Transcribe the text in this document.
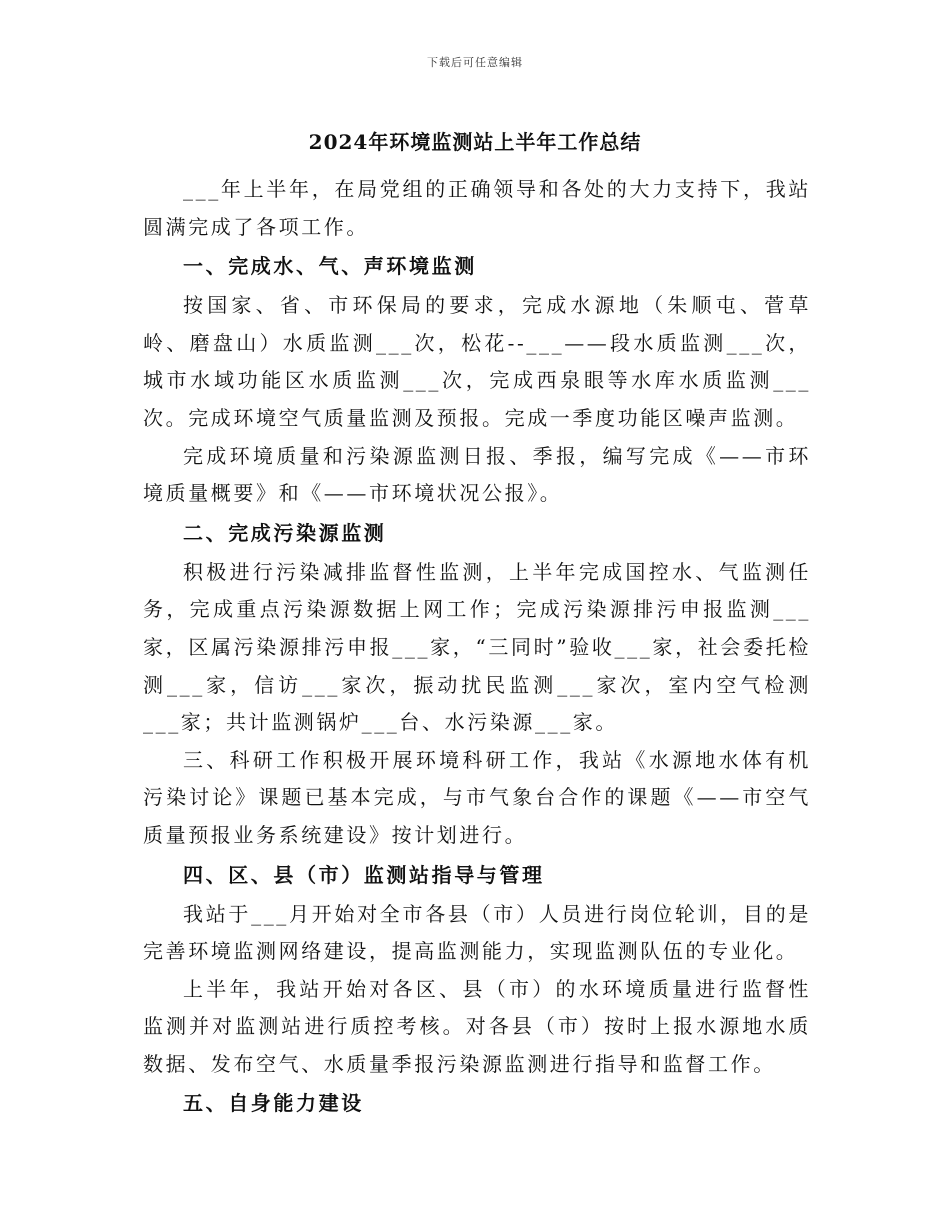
下载后可任意编辑
2024年环境监测站上半年工作总结

___年上半年，在局党组的正确领导和各处的大力支持下，我站圆满完成了各项工作。

一、完成水、气、声环境监测

按国家、省、市环保局的要求，完成水源地（朱顺屯、菅草岭、磨盘山）水质监测___次，松花--___——段水质监测___次，城市水域功能区水质监测___次，完成西泉眼等水库水质监测___次。完成环境空气质量监测及预报。完成一季度功能区噪声监测。

完成环境质量和污染源监测日报、季报，编写完成《——市环境质量概要》和《——市环境状况公报》。

二、完成污染源监测

积极进行污染减排监督性监测，上半年完成国控水、气监测任务，完成重点污染源数据上网工作；完成污染源排污申报监测___家，区属污染源排污申报___家，“三同时”验收___家，社会委托检测___家，信访___家次，振动扰民监测___家次，室内空气检测___家；共计监测锅炉___台、水污染源___家。

三、科研工作积极开展环境科研工作，我站《水源地水体有机污染讨论》课题已基本完成，与市气象台合作的课题《——市空气质量预报业务系统建设》按计划进行。

四、区、县（市）监测站指导与管理

我站于___月开始对全市各县（市）人员进行岗位轮训，目的是完善环境监测网络建设，提高监测能力，实现监测队伍的专业化。

上半年，我站开始对各区、县（市）的水环境质量进行监督性监测并对监测站进行质控考核。对各县（市）按时上报水源地水质数据、发布空气、水质量季报污染源监测进行指导和监督工作。

五、自身能力建设
